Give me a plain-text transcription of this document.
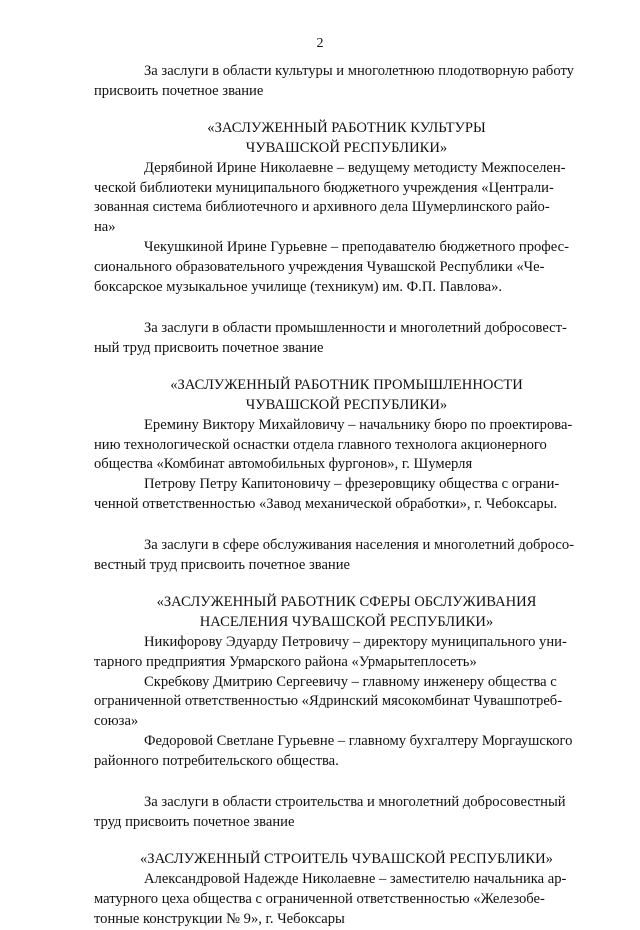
2

За заслуги в области культуры и многолетнюю плодотворную работу
присвоить почетное звание

«ЗАСЛУЖЕННЫЙ РАБОТНИК КУЛЬТУРЫ
ЧУВАШСКОЙ РЕСПУБЛИКИ»

Дерябиной Ирине Николаевне – ведущему методисту Межпоселен-
ческой библиотеки муниципального бюджетного учреждения «Централи-
зованная система библиотечного и архивного дела Шумерлинского райо-
на»

Чекушкиной Ирине Гурьевне – преподавателю бюджетного профес-
сионального образовательного учреждения Чувашской Республики «Че-
боксарское музыкальное училище (техникум) им. Ф.П. Павлова».

За заслуги в области промышленности и многолетний добросовест-
ный труд присвоить почетное звание

«ЗАСЛУЖЕННЫЙ РАБОТНИК ПРОМЫШЛЕННОСТИ
ЧУВАШСКОЙ РЕСПУБЛИКИ»

Еремину Виктору Михайловичу – начальнику бюро по проектирова-
нию технологической оснастки отдела главного технолога акционерного
общества «Комбинат автомобильных фургонов», г. Шумерля

Петрову Петру Капитоновичу – фрезеровщику общества с ограни-
ченной ответственностью «Завод механической обработки», г. Чебоксары.

За заслуги в сфере обслуживания населения и многолетний добросо-
вестный труд присвоить почетное звание

«ЗАСЛУЖЕННЫЙ РАБОТНИК СФЕРЫ ОБСЛУЖИВАНИЯ
НАСЕЛЕНИЯ ЧУВАШСКОЙ РЕСПУБЛИКИ»

Никифорову Эдуарду Петровичу – директору муниципального уни-
тарного предприятия Урмарского района «Урмарытеплосеть»

Скребкову Дмитрию Сергеевичу – главному инженеру общества с
ограниченной ответственностью «Ядринский мясокомбинат Чувашпотреб-
союза»

Федоровой Светлане Гурьевне – главному бухгалтеру Моргаушского
районного потребительского общества.

За заслуги в области строительства и многолетний добросовестный
труд присвоить почетное звание

«ЗАСЛУЖЕННЫЙ СТРОИТЕЛЬ ЧУВАШСКОЙ РЕСПУБЛИКИ»

Александровой Надежде Николаевне – заместителю начальника ар-
матурного цеха общества с ограниченной ответственностью «Железобе-
тонные конструкции № 9», г. Чебоксары
